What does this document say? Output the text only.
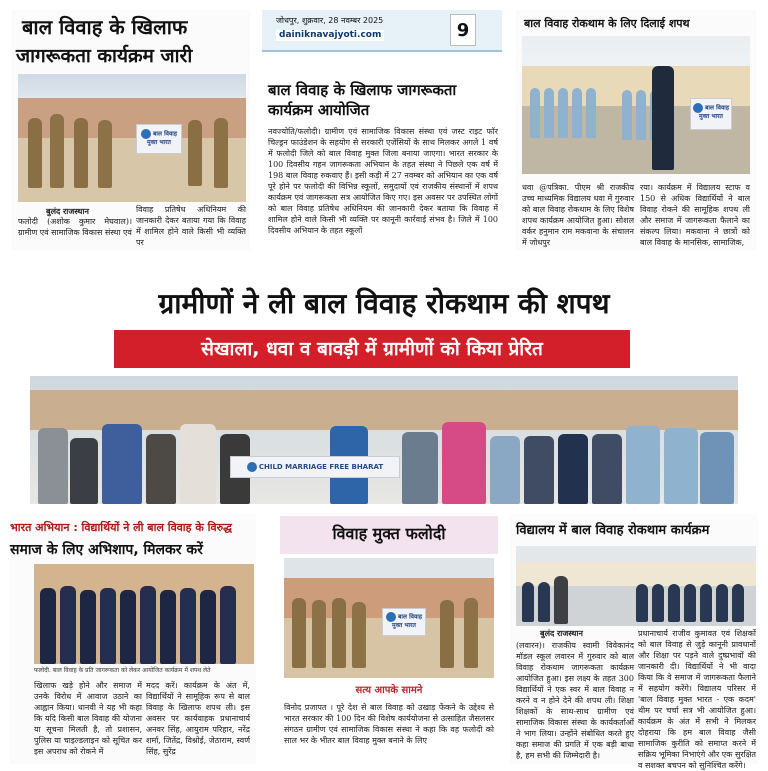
बाल विवाह के खिलाफ
जागरूकता कार्यक्रम जारी
बाल विवाह मुक्त भारत
बुलंद राजस्थान
फलोदी (अशोक कुमार मेघवाल)। ग्रामीण एवं सामाजिक विकास संस्था एवं
विवाह प्रतिषेध अधिनियम की जानकारी देकर बताया गया कि विवाह में शामिल होने वाले किसी भी व्यक्ति पर
जोधपुर, शुक्रवार, 28 नवम्बर 2025
dainiknavajyoti.com	9
बाल विवाह के खिलाफ जागरूकता
कार्यक्रम आयोजित
नवज्योति/फलोदी। ग्रामीण एवं सामाजिक विकास संस्था एवं जस्ट राइट फॉर चिल्ड्रन फाउंडेशन के सहयोग से सरकारी एजेंसियों के साथ मिलकर अगले 1 वर्ष में फलोदी जिले को बाल विवाह मुक्त जिला बनाया जाएगा। भारत सरकार के 100 दिवसीय गहन जागरूकता अभियान के तहत संस्था ने पिछले एक वर्ष में 198 बाल विवाह रुकवाए हैं। इसी कड़ी में 27 नवम्बर को अभियान का एक वर्ष पूरे होने पर फलोदी की विभिन्न स्कूलों, समुदायों एवं राजकीय संस्थानों में शपथ कार्यक्रम एवं जागरूकता सत्र आयोजित किए गए। इस अवसर पर उपस्थित लोगों को बाल विवाह प्रतिषेध अधिनियम की जानकारी देकर बताया कि विवाह में शामिल होने वाले किसी भी व्यक्ति पर कानूनी कार्रवाई संभव है। जिले में 100 दिवसीय अभियान के तहत स्कूलों
बाल विवाह रोकथाम के लिए दिलाई शपथ
बाल विवाह मुक्त भारत
धवा @पत्रिका. पीएम श्री राजकीय उच्च माध्यमिक विद्यालय धवा में गुरुवार को बाल विवाह रोकथाम के लिए विशेष शपथ कार्यक्रम आयोजित हुआ। सोशल वर्कर हनुमान राम मकवाना के संचालन में जोधपुर
रया। कार्यक्रम में विद्यालय स्टाफ व 150 से अधिक विद्यार्थियों ने बाल विवाह रोकने की सामूहिक शपथ ली और समाज में जागरूकता फैलाने का संकल्प लिया। मकवाना ने छात्रों को बाल विवाह के मानसिक, सामाजिक,
ग्रामीणों ने ली बाल विवाह रोकथाम की शपथ
सेखाला, धवा व बावड़ी में ग्रामीणों को किया प्रेरित
CHILD MARRIAGE FREE BHARAT
भारत अभियान : विद्यार्थियों ने ली बाल विवाह के विरुद्ध
समाज के लिए अभिशाप, मिलकर करें
फलोदी. बाल विवाह के प्रति जागरूकता को लेकर आयोजित कार्यक्रम में शपथ लेते
खिलाफ खड़े होने और समाज में उनके विरोध में आवाज उठाने का आह्वान किया। धानवी ने यह भी कहा कि यदि किसी बाल विवाह की योजना या सूचना मिलती है, तो प्रशासन, पुलिस या चाइल्डलाइन को सूचित कर इस अपराध को रोकने में
मदद करें। कार्यक्रम के अंत में, विद्यार्थियों ने सामूहिक रूप से बाल विवाह के खिलाफ शपथ ली। इस अवसर पर कार्यवाहक प्रधानाचार्य अनवर सिंह, आयुराम परिहार, नरेंद्र शर्मा, जितेंद्र, विश्नोई, जेठाराम, स्वर्ण सिंह, सुरेंद्र
विवाह मुक्त फलोदी
बाल विवाह मुक्त भारत
सत्य आपके सामने
विनोद प्रजापत । पूरे देश से बाल विवाह को उखाड़ फेंकने के उद्देश्य से भारत सरकार की 100 दिन की विशेष कार्ययोजना से उत्साहित जैसलसर संगठन ग्रामीण एवं सामाजिक विकास संस्था ने कहा कि वह फलोदी को साल भर के भीतर बाल विवाह मुक्त बनाने के लिए
विद्यालय में बाल विवाह रोकथाम कार्यक्रम
बुलंद राजस्थान
(लवारन)। राजकीय स्वामी विवेकानंद मॉडल स्कूल लवारन में गुरुवार को बाल विवाह रोकथाम जागरूकता कार्यक्रम आयोजित हुआ। इस लक्ष्य के तहत 300 विद्यार्थियों ने एक स्वर में बाल विवाह न करने व न होने देने की शपथ ली। शिक्षा शिक्षकों के साथ-साथ ग्रामीण एवं सामाजिक विकास संस्था के कार्यकर्ताओं ने भाग लिया। उन्होंने संबोधित करते हुए कहा समाज की प्रगति में एक बड़ी बाधा है, हम सभी की जिम्मेदारी है।
प्रधानाचार्य राजीव कुमावत एवं शिक्षकों को बाल विवाह से जुड़े कानूनी प्रावधानों और शिक्षा पर पड़ने वाले दुष्प्रभावों की जानकारी दी। विद्यार्थियों ने भी वादा किया कि वे समाज में जागरूकता फैलाने में सहयोग करेंगे। विद्यालय परिसर में 'बाल विवाह मुक्त भारत - एक कदम' थीम पर चर्चा सत्र भी आयोजित हुआ। कार्यक्रम के अंत में सभी ने मिलकर दोहराया कि हम बाल विवाह जैसी सामाजिक कुरीति को समाप्त करने में सक्रिय भूमिका निभाएंगे और एक सुरक्षित व सशक्त बचपन को सुनिश्चित करेंगे।
